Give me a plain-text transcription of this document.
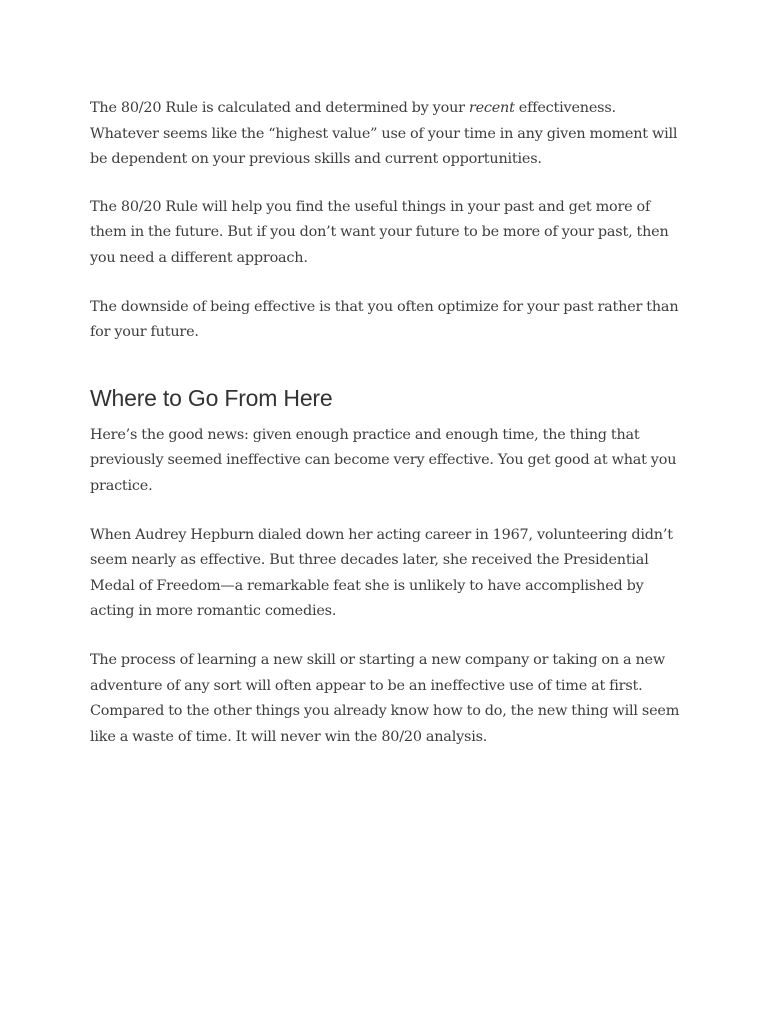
The 80/20 Rule is calculated and determined by your recent effectiveness. Whatever seems like the “highest value” use of your time in any given moment will be dependent on your previous skills and current opportunities.

The 80/20 Rule will help you find the useful things in your past and get more of them in the future. But if you don’t want your future to be more of your past, then you need a different approach.

The downside of being effective is that you often optimize for your past rather than for your future.

Where to Go From Here

Here’s the good news: given enough practice and enough time, the thing that previously seemed ineffective can become very effective. You get good at what you practice.

When Audrey Hepburn dialed down her acting career in 1967, volunteering didn’t seem nearly as effective. But three decades later, she received the Presidential Medal of Freedom—a remarkable feat she is unlikely to have accomplished by acting in more romantic comedies.

The process of learning a new skill or starting a new company or taking on a new adventure of any sort will often appear to be an ineffective use of time at first. Compared to the other things you already know how to do, the new thing will seem like a waste of time. It will never win the 80/20 analysis.
